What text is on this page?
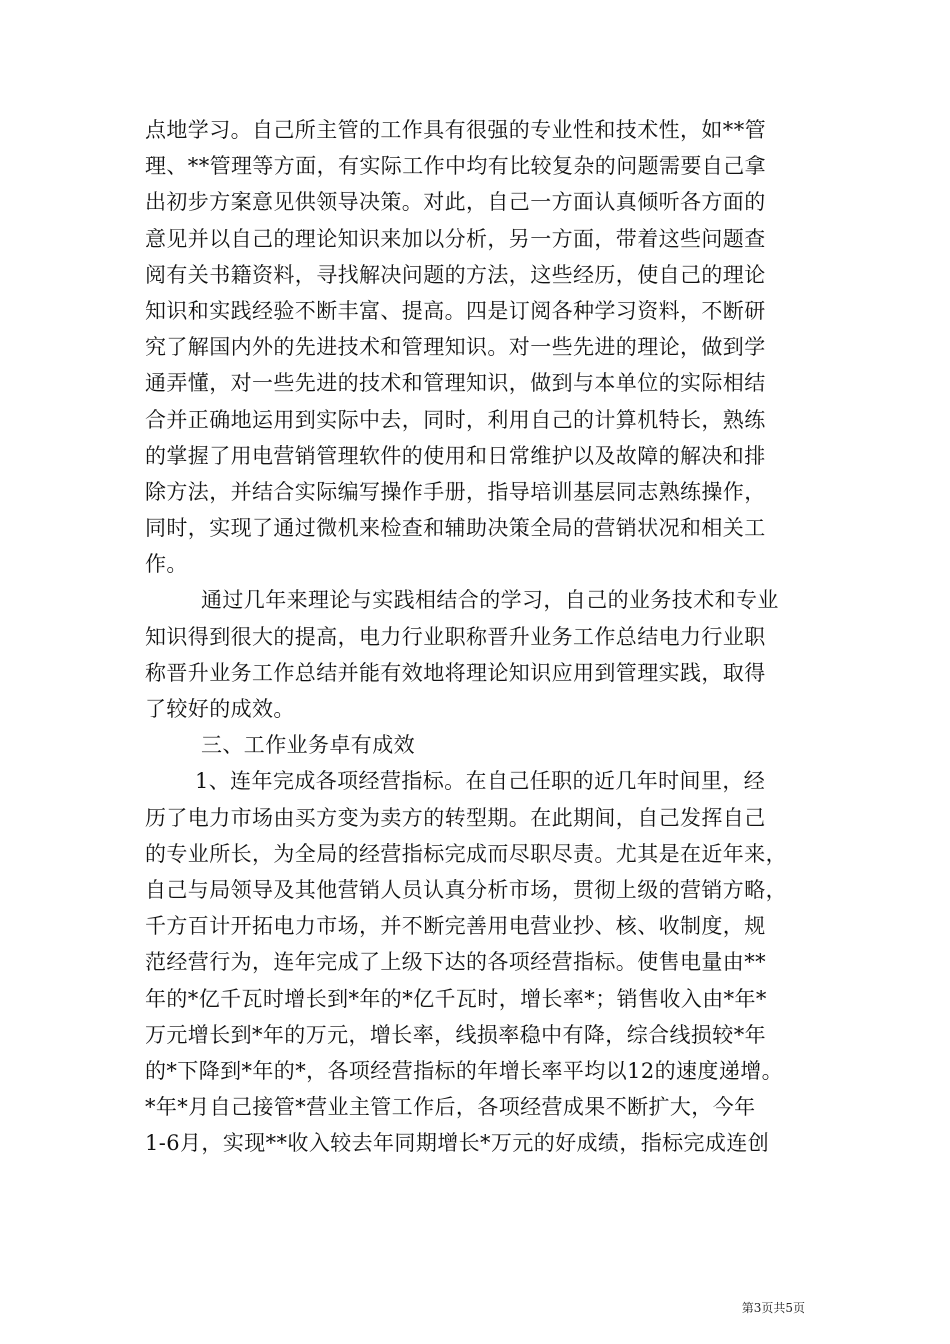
点地学习。自己所主管的工作具有很强的专业性和技术性，如**管
理、**管理等方面，有实际工作中均有比较复杂的问题需要自己拿
出初步方案意见供领导决策。对此，自己一方面认真倾听各方面的
意见并以自己的理论知识来加以分析，另一方面，带着这些问题查
阅有关书籍资料，寻找解决问题的方法，这些经历，使自己的理论
知识和实践经验不断丰富、提高。四是订阅各种学习资料，不断研
究了解国内外的先进技术和管理知识。对一些先进的理论，做到学
通弄懂，对一些先进的技术和管理知识，做到与本单位的实际相结
合并正确地运用到实际中去，同时，利用自己的计算机特长，熟练
的掌握了用电营销管理软件的使用和日常维护以及故障的解决和排
除方法，并结合实际编写操作手册，指导培训基层同志熟练操作，
同时，实现了通过微机来检查和辅助决策全局的营销状况和相关工
作。
通过几年来理论与实践相结合的学习，自己的业务技术和专业
知识得到很大的提高，电力行业职称晋升业务工作总结电力行业职
称晋升业务工作总结并能有效地将理论知识应用到管理实践，取得
了较好的成效。
三、工作业务卓有成效
1、连年完成各项经营指标。在自己任职的近几年时间里，经
历了电力市场由买方变为卖方的转型期。在此期间，自己发挥自己
的专业所长，为全局的经营指标完成而尽职尽责。尤其是在近年来，
自己与局领导及其他营销人员认真分析市场，贯彻上级的营销方略，
千方百计开拓电力市场，并不断完善用电营业抄、核、收制度，规
范经营行为，连年完成了上级下达的各项经营指标。使售电量由**
年的*亿千瓦时增长到*年的*亿千瓦时，增长率*；销售收入由*年*
万元增长到*年的万元，增长率，线损率稳中有降，综合线损较*年
的*下降到*年的*，各项经营指标的年增长率平均以12的速度递增。
*年*月自己接管*营业主管工作后，各项经营成果不断扩大，今年
1-6月，实现**收入较去年同期增长*万元的好成绩，指标完成连创
第3页共5页
